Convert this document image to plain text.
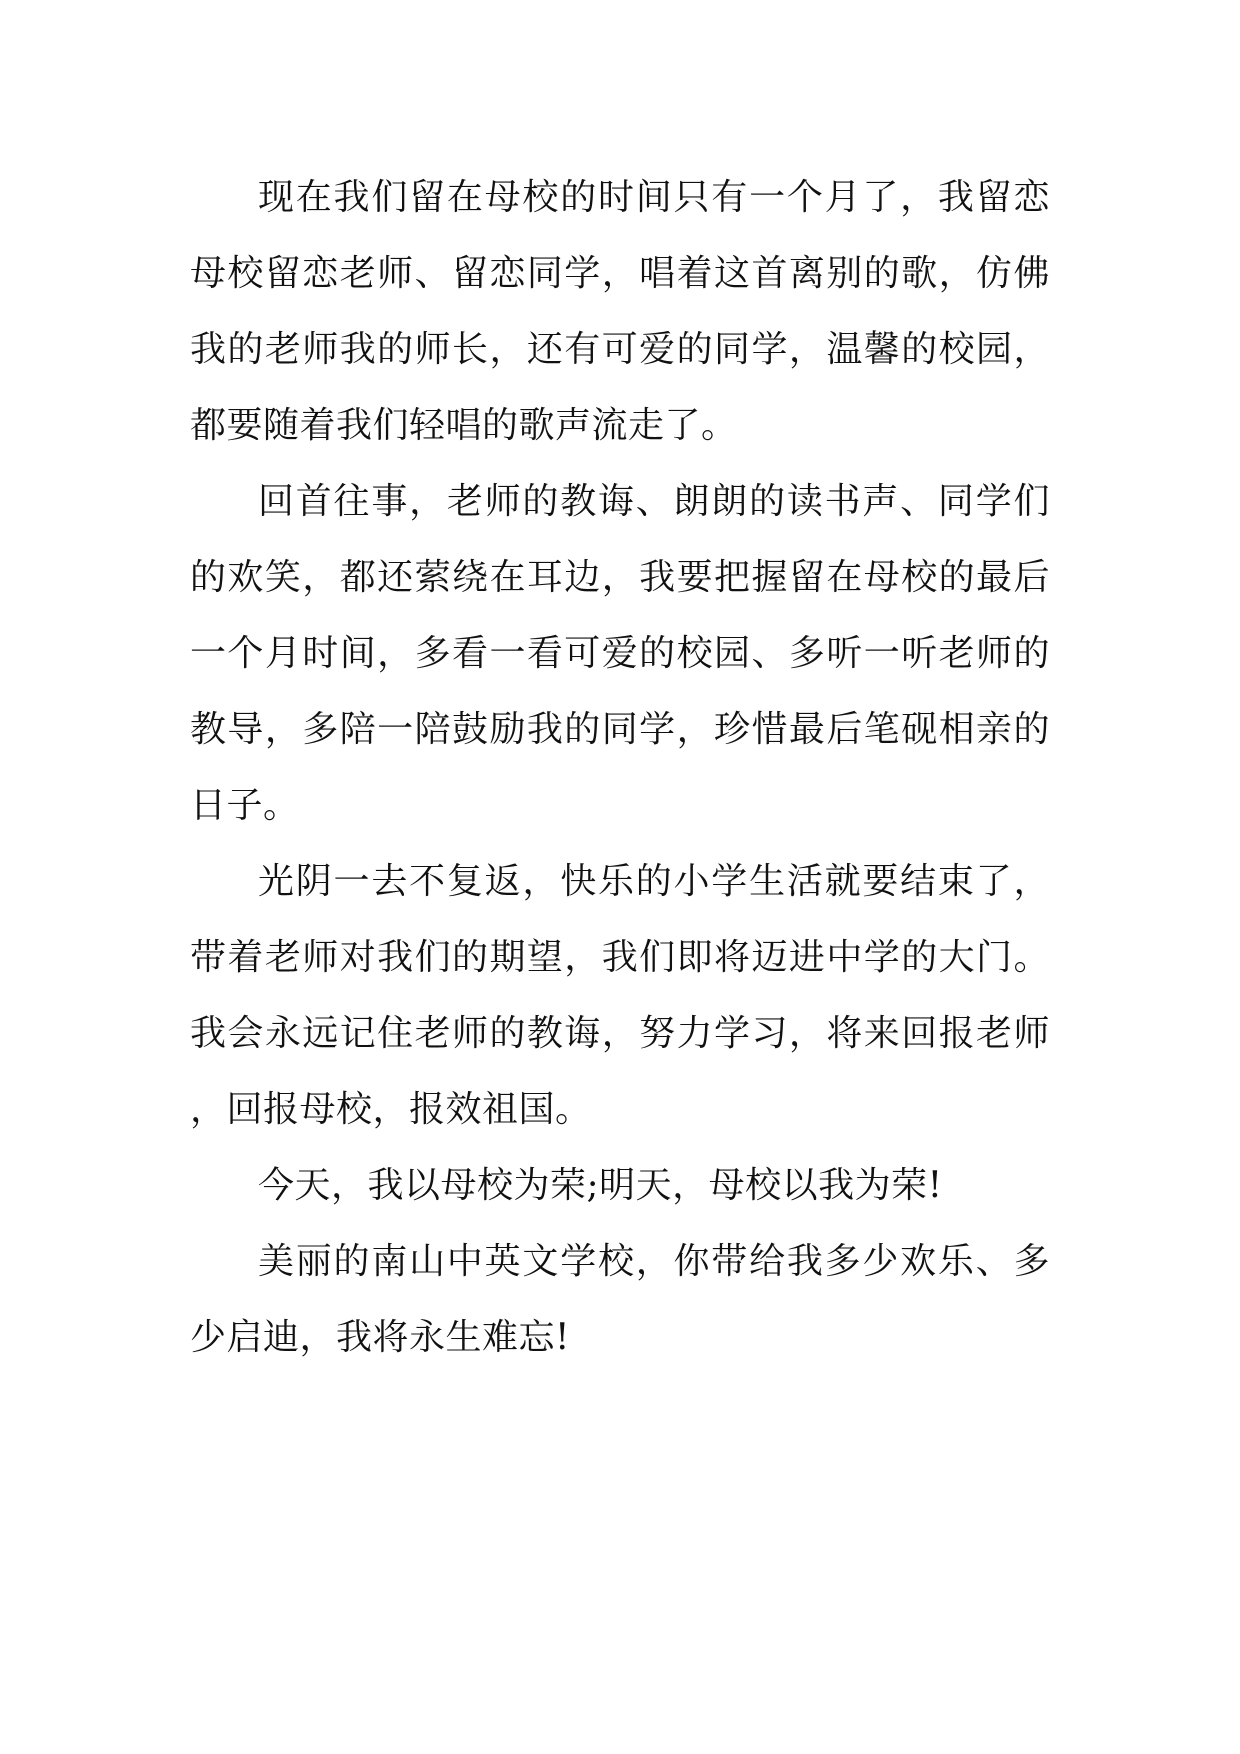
现在我们留在母校的时间只有一个月了，我留恋母校留恋老师、留恋同学，唱着这首离别的歌，仿佛我的老师我的师长，还有可爱的同学，温馨的校园，都要随着我们轻唱的歌声流走了。

回首往事，老师的教诲、朗朗的读书声、同学们的欢笑，都还萦绕在耳边，我要把握留在母校的最后一个月时间，多看一看可爱的校园、多听一听老师的教导，多陪一陪鼓励我的同学，珍惜最后笔砚相亲的日子。

光阴一去不复返，快乐的小学生活就要结束了，带着老师对我们的期望，我们即将迈进中学的大门。我会永远记住老师的教诲，努力学习，将来回报老师，回报母校，报效祖国。

今天，我以母校为荣;明天，母校以我为荣!

美丽的南山中英文学校，你带给我多少欢乐、多少启迪，我将永生难忘!
